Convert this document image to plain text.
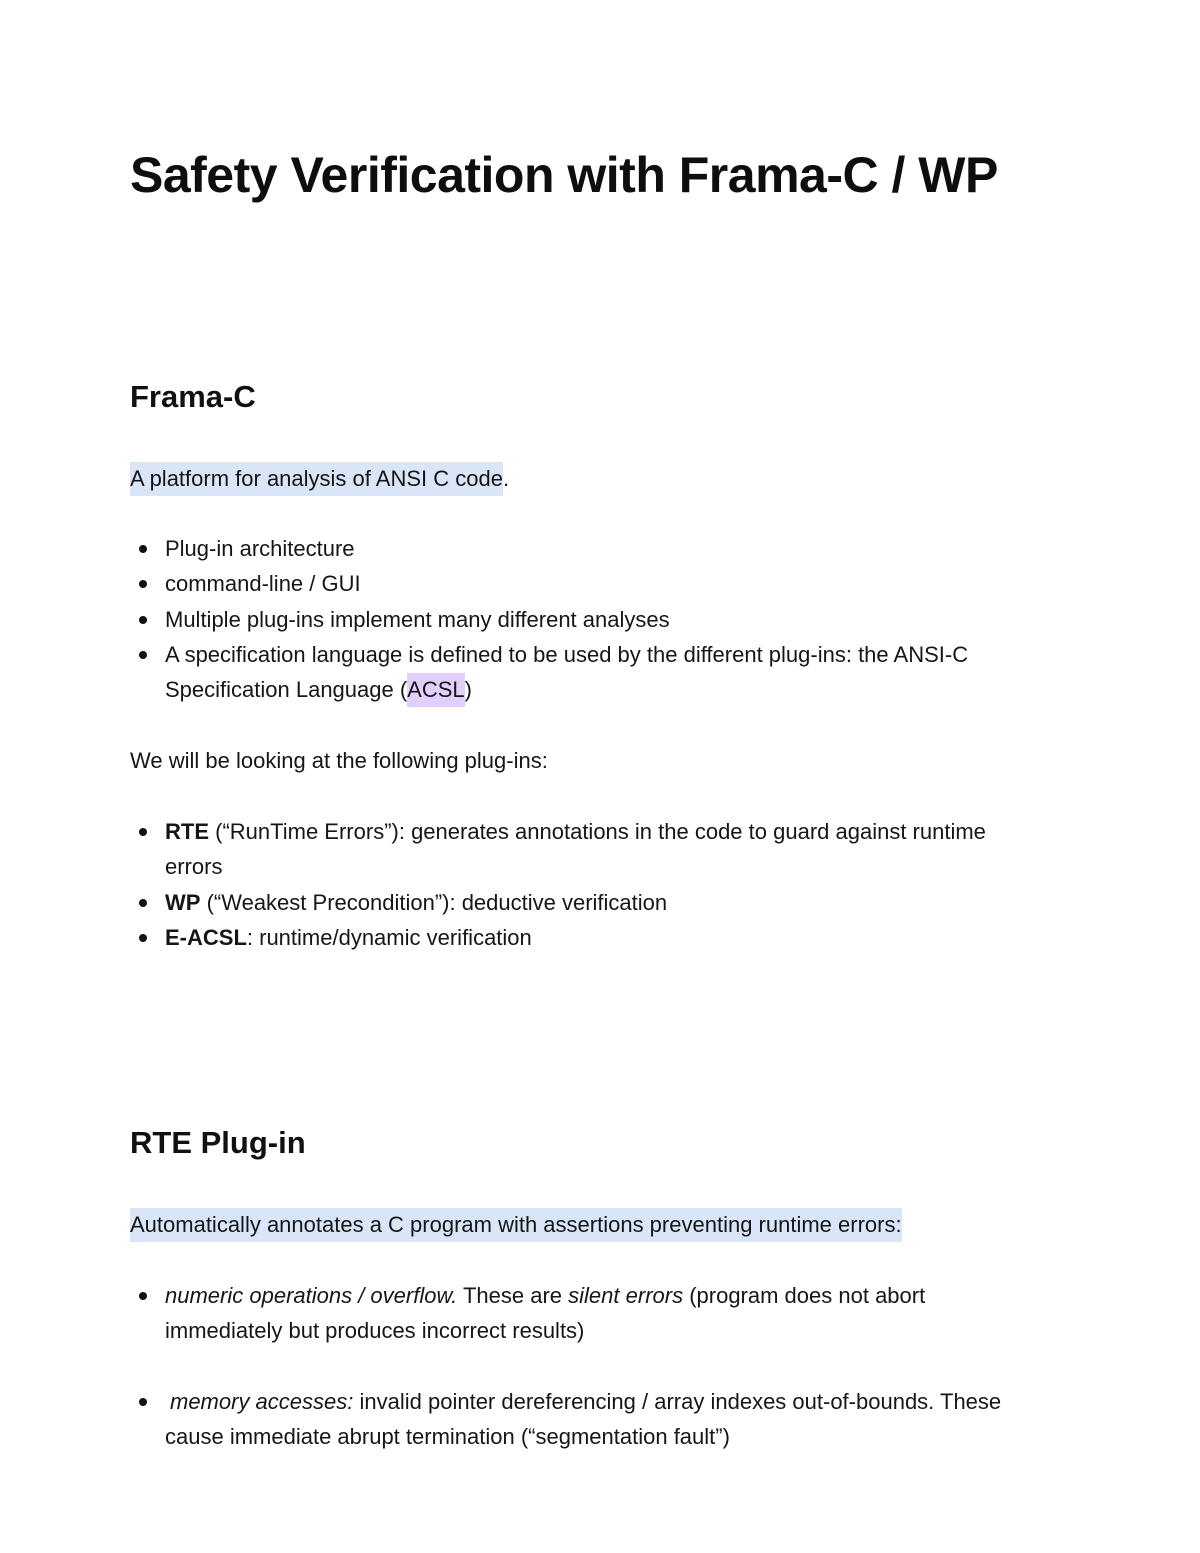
Safety Verification with Frama-C / WP
Frama-C

A platform for analysis of ANSI C code.

Plug-in architecture
command-line / GUI
Multiple plug-ins implement many different analyses
A specification language is defined to be used by the different plug-ins: the ANSI-C Specification Language (ACSL)

We will be looking at the following plug-ins:

RTE (“RunTime Errors”): generates annotations in the code to guard against runtime errors
WP (“Weakest Precondition”): deductive verification
E-ACSL: runtime/dynamic verification
RTE Plug-in

Automatically annotates a C program with assertions preventing runtime errors:

numeric operations / overflow. These are silent errors (program does not abort immediately but produces incorrect results)
memory accesses: invalid pointer dereferencing / array indexes out-of-bounds. These cause immediate abrupt termination (“segmentation fault”)
